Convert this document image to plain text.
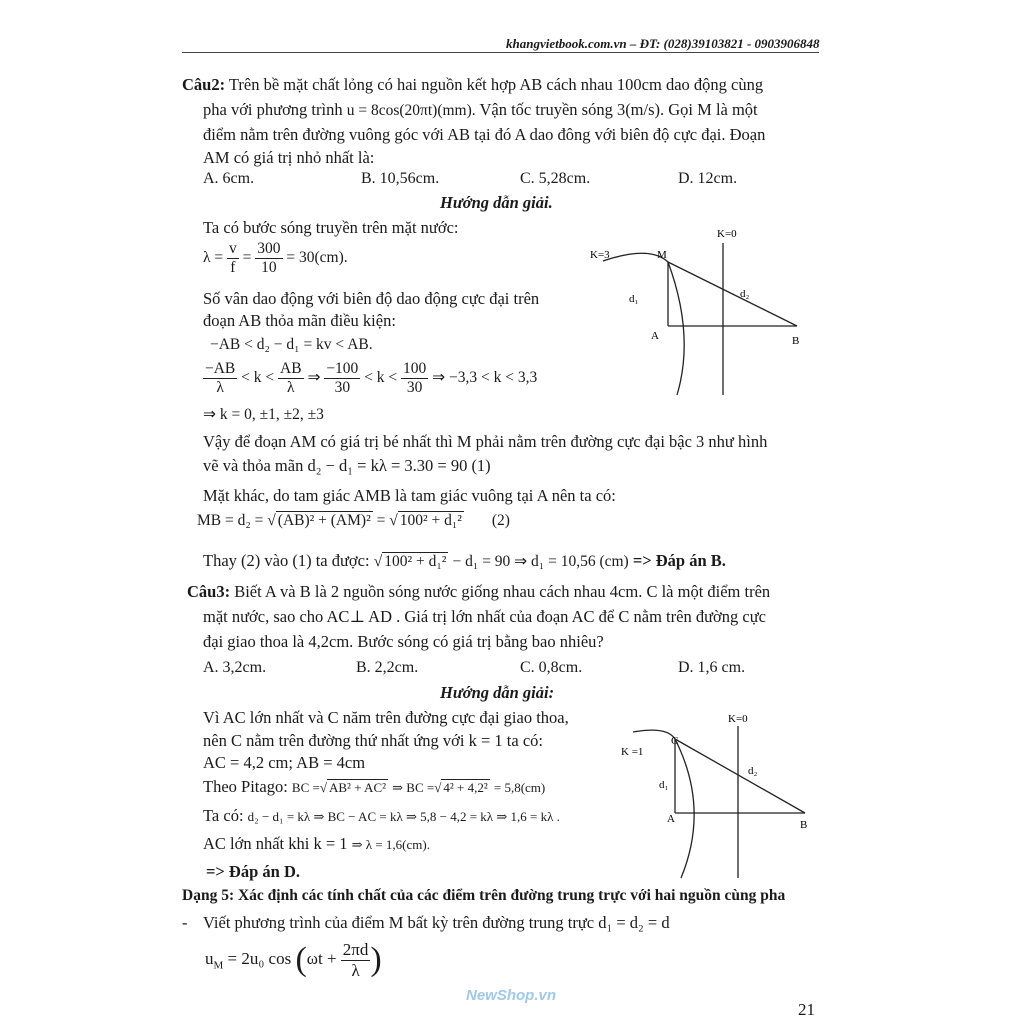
khangvietbook.com.vn – ĐT: (028)39103821 - 0903906848
Câu2: Trên bề mặt chất lỏng có hai nguồn kết hợp AB cách nhau 100cm dao động cùng
pha với phương trình u = 8cos(20πt)(mm). Vận tốc truyền sóng 3(m/s). Gọi M là một
điểm nằm trên đường vuông góc với AB tại đó A dao đông với biên độ cực đại. Đoạn
AM có giá trị nhỏ nhất là:
A. 6cm.	B. 10,56cm.	C. 5,28cm.	D. 12cm.
Hướng dẫn giải.
Ta có bước sóng truyền trên mặt nước:
$\lambda = \frac{v}{f} = \frac{300}{10} = 30(cm)$.
Số vân dao động với biên độ dao động cực đại trên
đoạn AB thỏa mãn điều kiện:
−AB < d₂ − d₁ = kv < AB.
$\frac{-AB}{\lambda} < k < \frac{AB}{\lambda}$ ⇒ $\frac{-100}{30} < k < \frac{100}{30}$ ⇒ −3,3 < k < 3,3
⇒ k = 0, ±1, ±2, ±3
Vậy để đoạn AM có giá trị bé nhất thì M phải nằm trên đường cực đại bậc 3 như hình
vẽ và thỏa mãn d₂ − d₁ = kλ = 3.30 = 90 (1)
Mặt khác, do tam giác AMB là tam giác vuông tại A nên ta có:
MB = d₂ = √ (AB)² + (AM)² = √ 100² + d₁² (2)
Thay (2) vào (1) ta được: √ 100² + d₁² − d₁ = 90 ⇒ d₁ = 10,56 (cm) => Đáp án B.
K=3
K=0
M
A	B
d₁	d₂
Câu3: Biết A và B là 2 nguồn sóng nước giống nhau cách nhau 4cm. C là một điểm trên
mặt nước, sao cho AC⊥ AD . Giá trị lớn nhất của đoạn AC để C nằm trên đường cực
đại giao thoa là 4,2cm. Bước sóng có giá trị bằng bao nhiêu?
A. 3,2cm.	B. 2,2cm.	C. 0,8cm.	D. 1,6 cm.
Hướng dẫn giải:
Vì AC lớn nhất và C năm trên đường cực đại giao thoa,
nên C nằm trên đường thứ nhất ứng với k = 1 ta có:
AC = 4,2 cm; AB = 4cm
Theo Pitago: BC =√ AB² + AC² ⇒ BC =√ 4² + 4,2² = 5,8(cm)
Ta có: d₂ − d₁ = kλ ⇒ BC − AC = kλ ⇒ 5,8 − 4,2 = kλ ⇒ 1,6 = kλ .
AC lớn nhất khi k = 1 ⇒ λ = 1,6(cm).
=> Đáp án D.
K =1
K=0
C
A	B
d₁
d₂
Dạng 5: Xác định các tính chất của các điểm trên đường trung trực với hai nguồn cùng pha
- Viết phương trình của điểm M bất kỳ trên đường trung trực d₁ = d₂ = d
$u_M = 2u_0$ $\cos (\omega t + \frac{2\pi d}{\lambda}$ )
NewShop.vn
21
